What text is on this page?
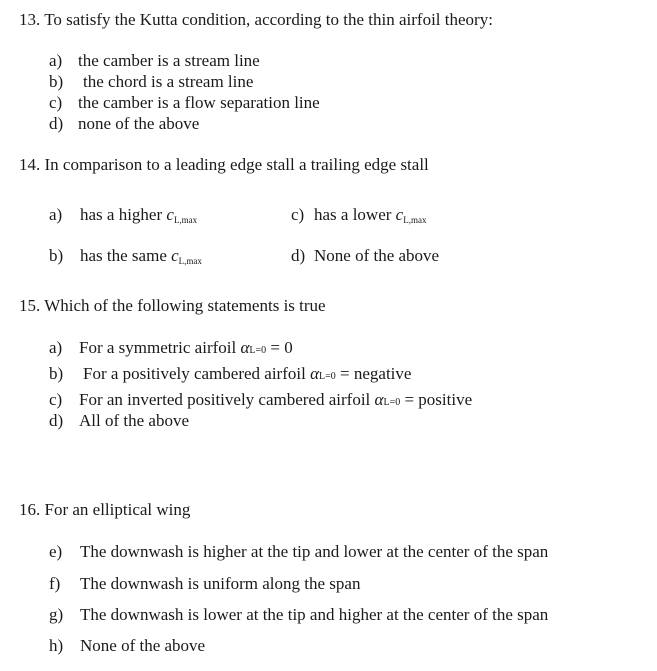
13. To satisfy the Kutta condition, according to the thin airfoil theory:
a) the camber is a stream line
b) the chord is a stream line
c) the camber is a flow separation line
d) none of the above
14. In comparison to a leading edge stall a trailing edge stall
a) has a higher cL,max	c) has a lower cL,max
b) has the same cL,max	d) None of the above
15. Which of the following statements is true
a) For a symmetric airfoil αL=0 = 0
b) For a positively cambered airfoil αL=0 = negative
c) For an inverted positively cambered airfoil αL=0 = positive
d) All of the above
16. For an elliptical wing
e) The downwash is higher at the tip and lower at the center of the span
f) The downwash is uniform along the span
g) The downwash is lower at the tip and higher at the center of the span
h) None of the above
